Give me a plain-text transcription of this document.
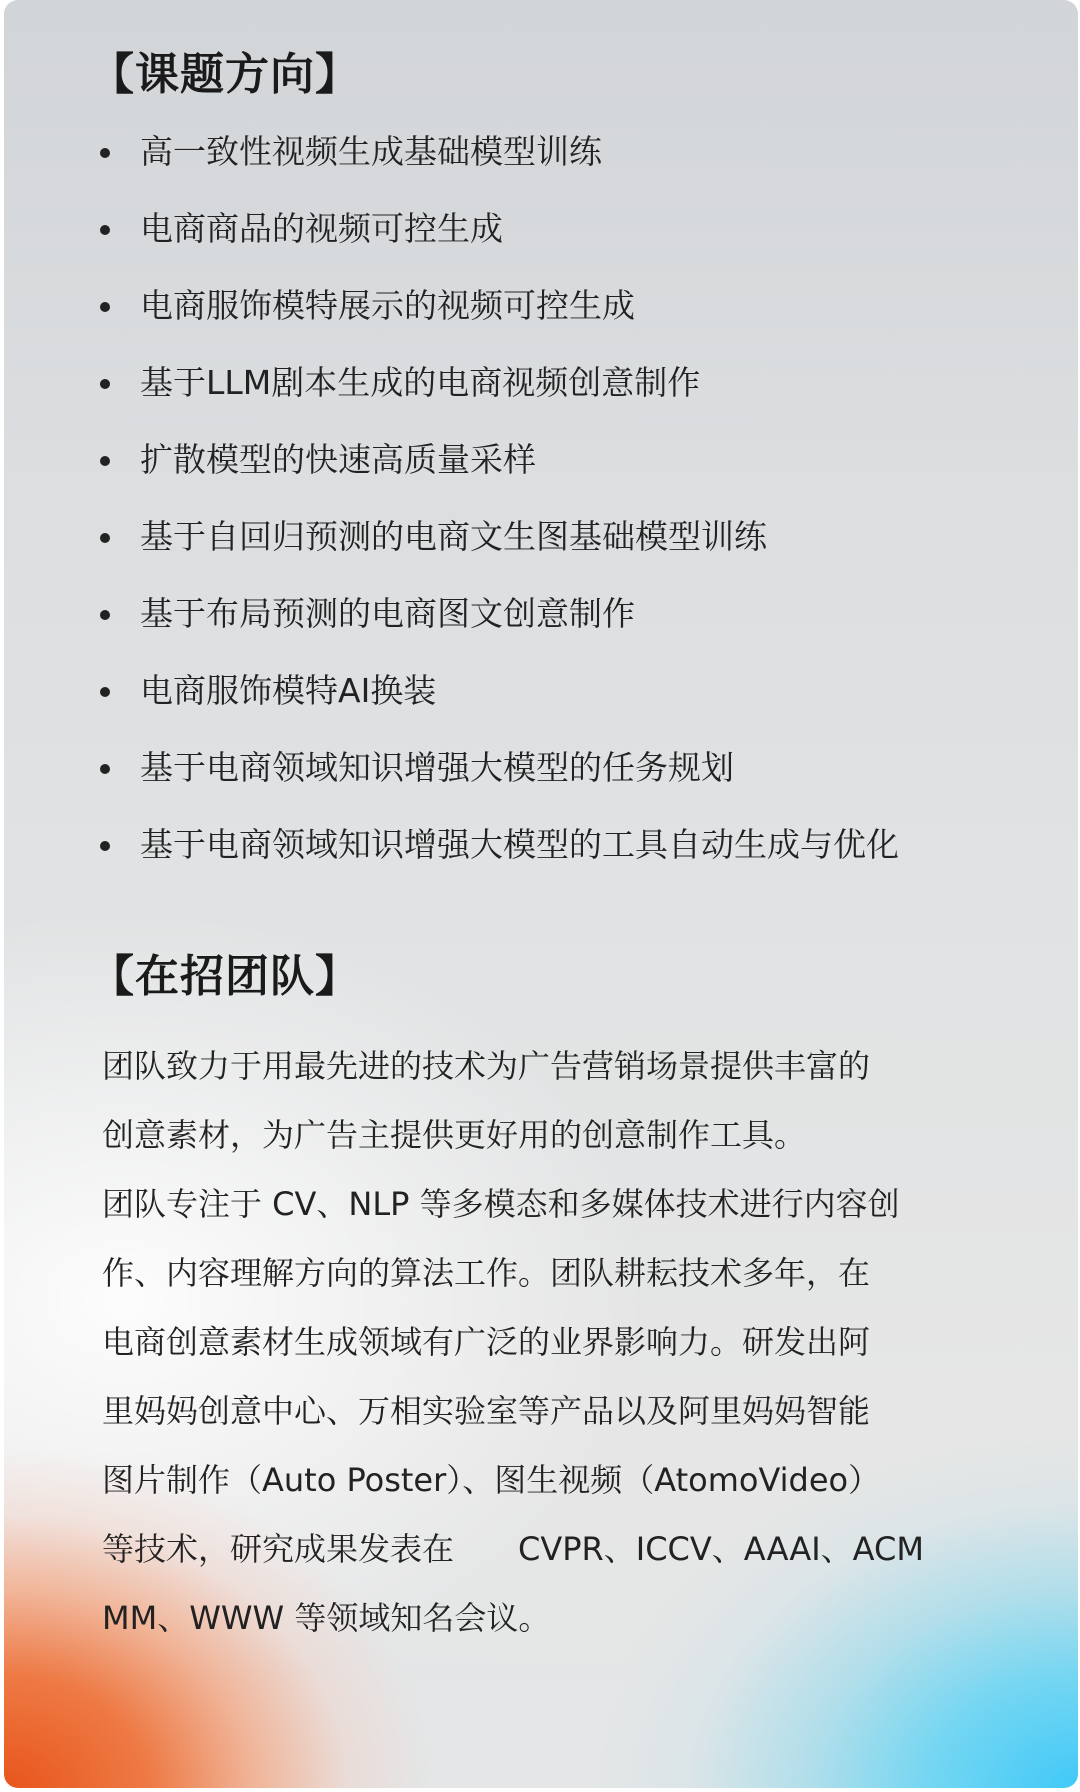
【课题方向】
高一致性视频生成基础模型训练
电商商品的视频可控生成
电商服饰模特展示的视频可控生成
基于LLM剧本生成的电商视频创意制作
扩散模型的快速高质量采样
基于自回归预测的电商文生图基础模型训练
基于布局预测的电商图文创意制作
电商服饰模特AI换装
基于电商领域知识增强大模型的任务规划
基于电商领域知识增强大模型的工具自动生成与优化
【在招团队】
团队致力于用最先进的技术为广告营销场景提供丰富的
创意素材，为广告主提供更好用的创意制作工具。
团队专注于 CV、NLP 等多模态和多媒体技术进行内容创
作、内容理解方向的算法工作。团队耕耘技术多年，在
电商创意素材生成领域有广泛的业界影响力。研发出阿
里妈妈创意中心、万相实验室等产品以及阿里妈妈智能
图片制作（Auto Poster）、图生视频（AtomoVideo）
等技术，研究成果发表在　　CVPR、ICCV、AAAI、ACM
MM、WWW 等领域知名会议。
